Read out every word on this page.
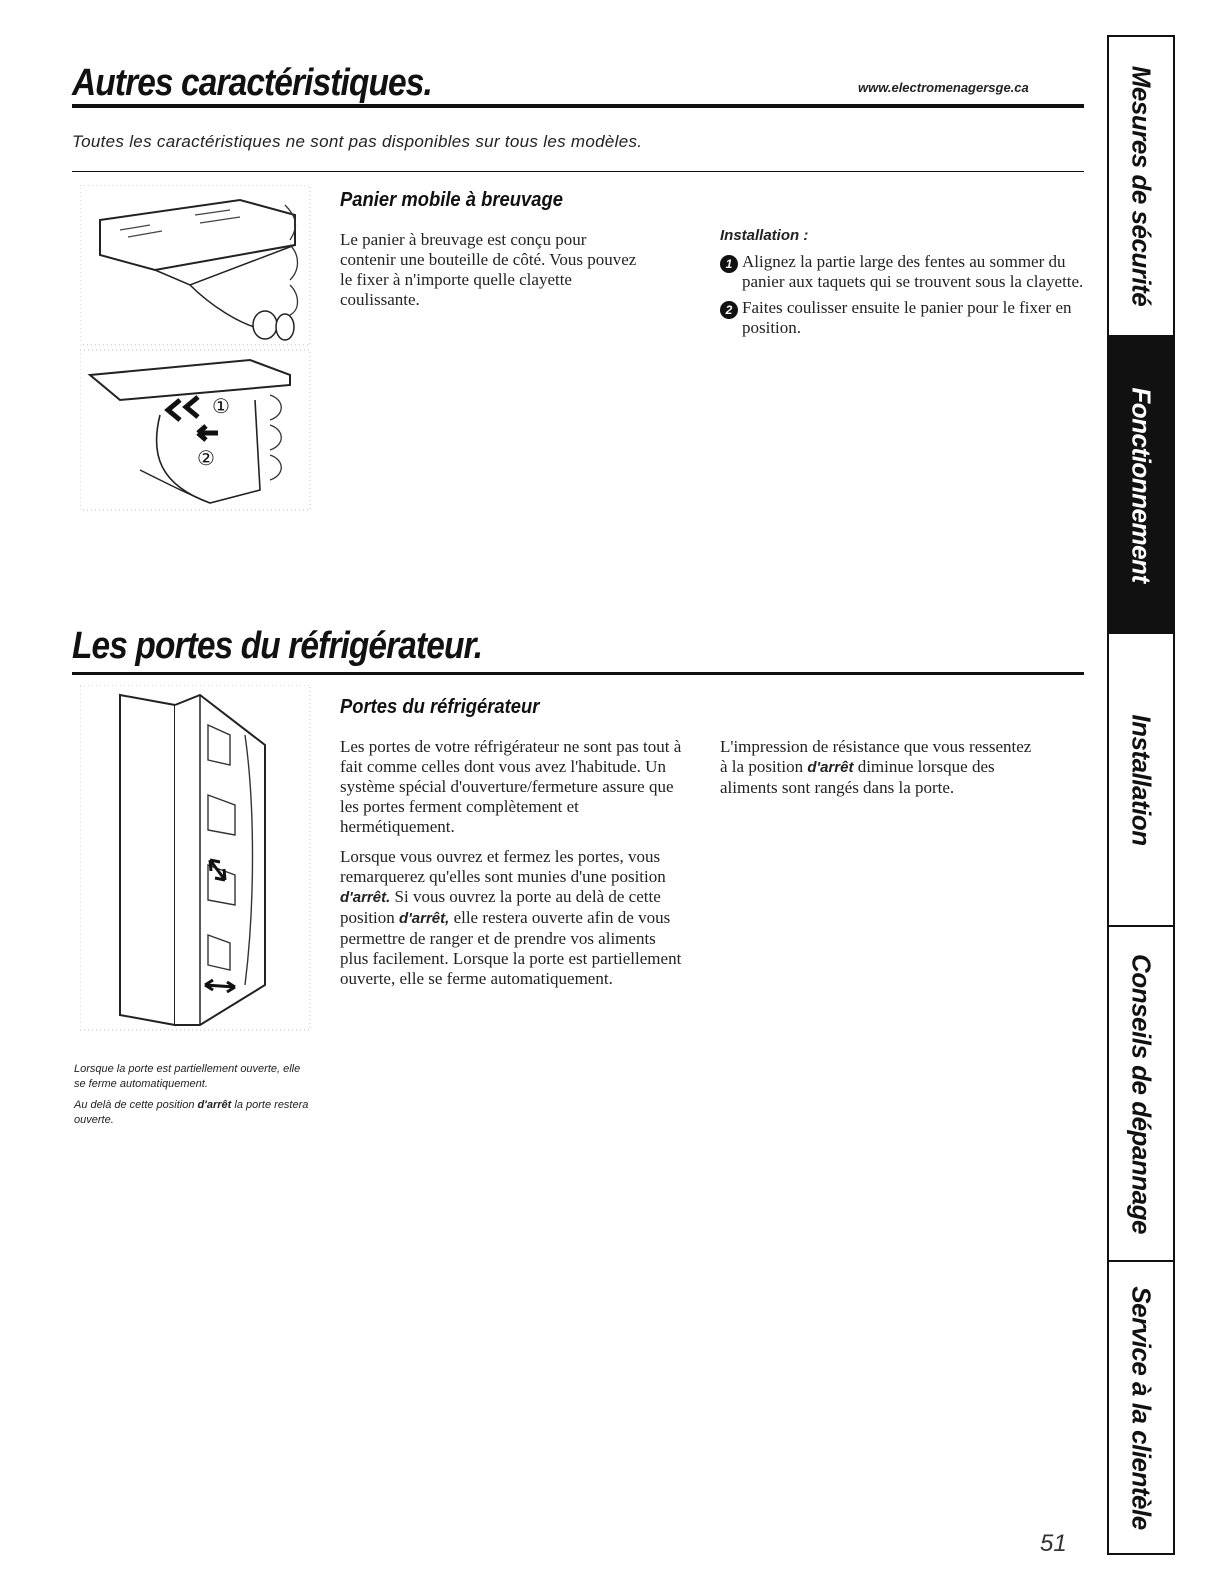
Autres caractéristiques.	www.electromenagersge.ca
Toutes les caractéristiques ne sont pas disponibles sur tous les modèles.
①
②
Panier mobile à breuvage

Le panier à breuvage est conçu pour contenir une bouteille de côté. Vous pouvez le fixer à n'importe quelle clayette coulissante.

Installation :
1 Alignez la partie large des fentes au sommer du panier aux taquets qui se trouvent sous la clayette.
2 Faites coulisser ensuite le panier pour le fixer en position.
Les portes du réfrigérateur.

Lorsque la porte est partiellement ouverte, elle se ferme automatiquement.

Au delà de cette position d'arrêt la porte restera ouverte.

Portes du réfrigérateur

Les portes de votre réfrigérateur ne sont pas tout à fait comme celles dont vous avez l'habitude. Un système spécial d'ouverture/fermeture assure que les portes ferment complètement et hermétiquement.

Lorsque vous ouvrez et fermez les portes, vous remarquerez qu'elles sont munies d'une position d'arrêt. Si vous ouvrez la porte au delà de cette position d'arrêt, elle restera ouverte afin de vous permettre de ranger et de prendre vos aliments plus facilement. Lorsque la porte est partiellement ouverte, elle se ferme automatiquement.

L'impression de résistance que vous ressentez à la position d'arrêt diminue lorsque des aliments sont rangés dans la porte.

51
Mesures de sécurité
Fonctionnement
Installation
Conseils de dépannage
Service à la clientèle
